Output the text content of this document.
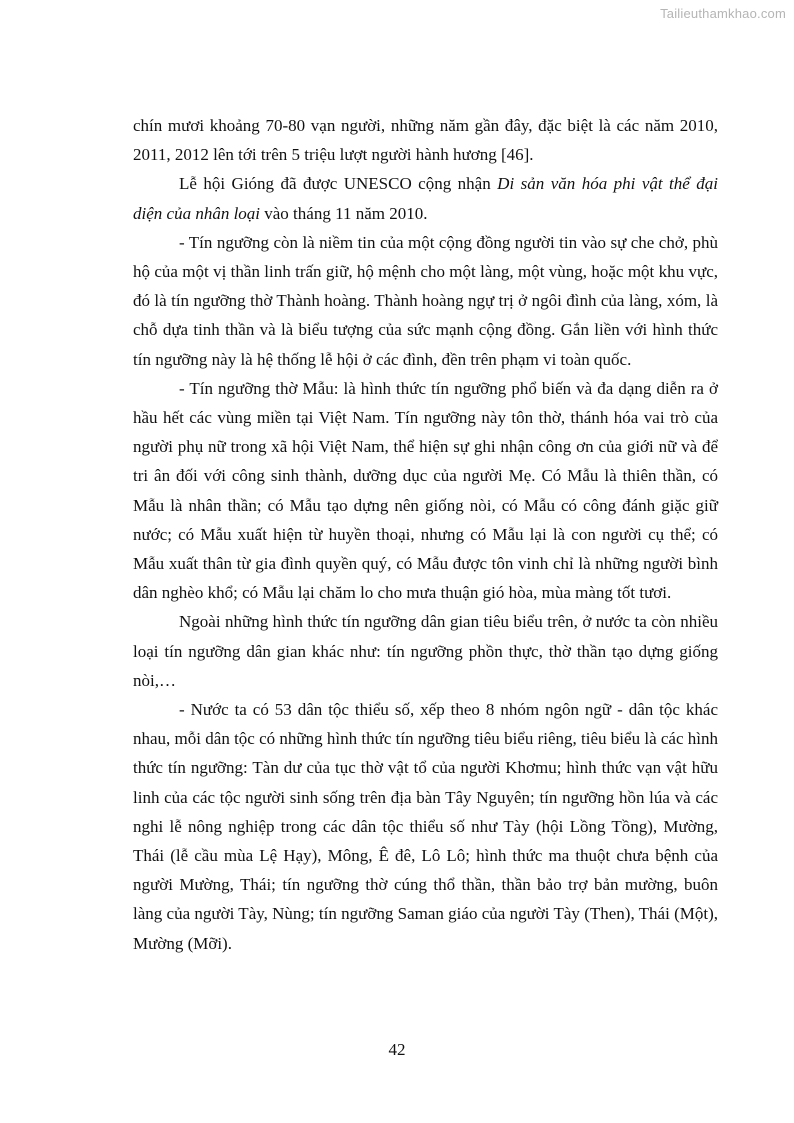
Tailieuthamkhao.com

chín mươi khoảng 70-80 vạn người, những năm gần đây, đặc biệt là các năm 2010, 2011, 2012 lên tới trên 5 triệu lượt người hành hương [46].

Lễ hội Gióng đã được UNESCO cộng nhận Di sản văn hóa phi vật thể đại diện của nhân loại vào tháng 11 năm 2010.

- Tín ngưỡng còn là niềm tin của một cộng đồng người tin vào sự che chở, phù hộ của một vị thần linh trấn giữ, hộ mệnh cho một làng, một vùng, hoặc một khu vực, đó là tín ngưỡng thờ Thành hoàng. Thành hoàng ngự trị ở ngôi đình của làng, xóm, là chỗ dựa tinh thần và là biểu tượng của sức mạnh cộng đồng. Gắn liền với hình thức tín ngưỡng này là hệ thống lễ hội ở các đình, đền trên phạm vi toàn quốc.

- Tín ngưỡng thờ Mẫu: là hình thức tín ngưỡng phổ biến và đa dạng diễn ra ở hầu hết các vùng miền tại Việt Nam. Tín ngưỡng này tôn thờ, thánh hóa vai trò của người phụ nữ trong xã hội Việt Nam, thể hiện sự ghi nhận công ơn của giới nữ và để tri ân đối với công sinh thành, dưỡng dục của người Mẹ. Có Mẫu là thiên thần, có Mẫu là nhân thần; có Mẫu tạo dựng nên giống nòi, có Mẫu có công đánh giặc giữ nước; có Mẫu xuất hiện từ huyền thoại, nhưng có Mẫu lại là con người cụ thể; có Mẫu xuất thân từ gia đình quyền quý, có Mẫu được tôn vinh chỉ là những người bình dân nghèo khổ; có Mẫu lại chăm lo cho mưa thuận gió hòa, mùa màng tốt tươi.

Ngoài những hình thức tín ngưỡng dân gian tiêu biểu trên, ở nước ta còn nhiều loại tín ngưỡng dân gian khác như: tín ngưỡng phồn thực, thờ thần tạo dựng giống nòi,…

- Nước ta có 53 dân tộc thiểu số, xếp theo 8 nhóm ngôn ngữ - dân tộc khác nhau, mỗi dân tộc có những hình thức tín ngưỡng tiêu biểu riêng, tiêu biểu là các hình thức tín ngưỡng: Tàn dư của tục thờ vật tổ của người Khơmu; hình thức vạn vật hữu linh của các tộc người sinh sống trên địa bàn Tây Nguyên; tín ngưỡng hồn lúa và các nghi lễ nông nghiệp trong các dân tộc thiểu số như Tày (hội Lồng Tồng), Mường, Thái (lễ cầu mùa Lệ Hạy), Mông, Ê đê, Lô Lô; hình thức ma thuột chưa bệnh của người Mường, Thái; tín ngưỡng thờ cúng thổ thần, thần bảo trợ bản mường, buôn làng của người Tày, Nùng; tín ngưỡng Saman giáo của người Tày (Then), Thái (Một), Mường (Mỡi).

42
